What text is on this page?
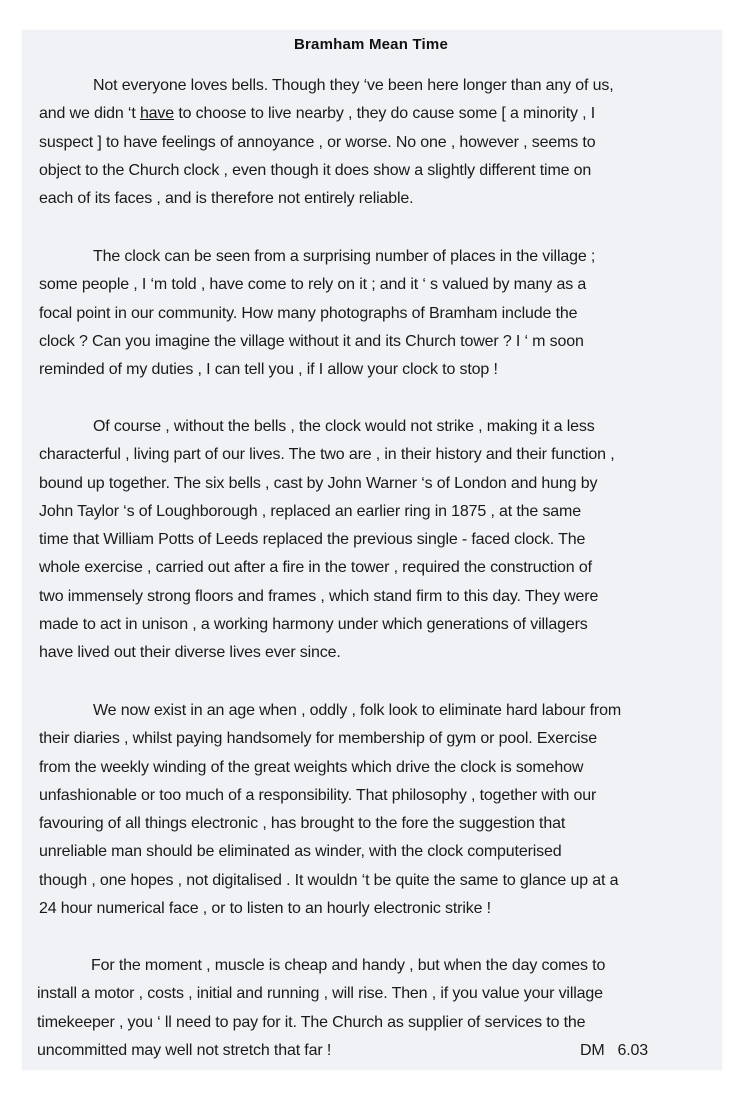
Bramham Mean Time
Not everyone loves bells. Though they ‘ve been here longer than any of us,
and we didn ‘t have to choose to live nearby , they do cause some [ a minority , I
suspect ] to have feelings of annoyance , or worse. No one , however , seems to
object to the Church clock , even though it does show a slightly different time on
each of its faces , and is therefore not entirely reliable.
The clock can be seen from a surprising number of places in the village ;
some people , I ‘m told , have come to rely on it ; and it ‘ s valued by many as a
focal point in our community. How many photographs of Bramham include the
clock ? Can you imagine the village without it and its Church tower ? I ‘ m soon
reminded of my duties , I can tell you , if I allow your clock to stop !
Of course , without the bells , the clock would not strike , making it a less
characterful , living part of our lives. The two are , in their history and their function ,
bound up together. The six bells , cast by John Warner ‘s of London and hung by
John Taylor ‘s of Loughborough , replaced an earlier ring in 1875 , at the same
time that William Potts of Leeds replaced the previous single - faced clock. The
whole exercise , carried out after a fire in the tower , required the construction of
two immensely strong floors and frames , which stand firm to this day. They were
made to act in unison , a working harmony under which generations of villagers
have lived out their diverse lives ever since.
We now exist in an age when , oddly , folk look to eliminate hard labour from
their diaries , whilst paying handsomely for membership of gym or pool. Exercise
from the weekly winding of the great weights which drive the clock is somehow
unfashionable or too much of a responsibility. That philosophy , together with our
favouring of all things electronic , has brought to the fore the suggestion that
unreliable man should be eliminated as winder, with the clock computerised
though , one hopes , not digitalised . It wouldn ‘t be quite the same to glance up at a
24 hour numerical face , or to listen to an hourly electronic strike !
For the moment , muscle is cheap and handy , but when the day comes to
install a motor , costs , initial and running , will rise. Then , if you value your village
timekeeper , you ‘ ll need to pay for it. The Church as supplier of services to the
uncommitted may well not stretch that far !	DM   6.03
